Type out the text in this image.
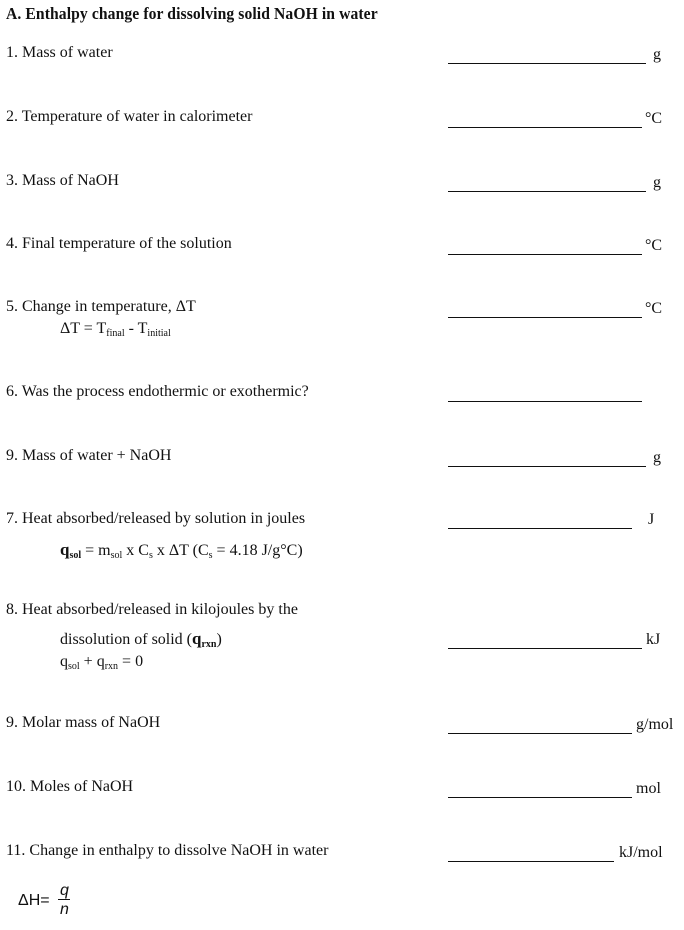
A. Enthalpy change for dissolving solid NaOH in water
1. Mass of water	g
2. Temperature of water in calorimeter	°C
3. Mass of NaOH	g
4. Final temperature of the solution	°C
5. Change in temperature, ΔT	°C
$\Delta T = T_{final} - T_{initial}$
6. Was the process endothermic or exothermic?
9. Mass of water + NaOH	g
7. Heat absorbed/released by solution in joules	J
$q_{sol} = m_{sol}$ x $C_s$ x ΔT ($C_s = 4.18$ J/g°C)
8. Heat absorbed/released in kilojoules by the
dissolution of solid $(q_{rxn})$	kJ
$q_{sol} + q_{rxn} = 0$
9. Molar mass of NaOH	g/mol
10. Moles of NaOH	mol
11. Change in enthalpy to dissolve NaOH in water	kJ/mol
ΔH=
q
n
